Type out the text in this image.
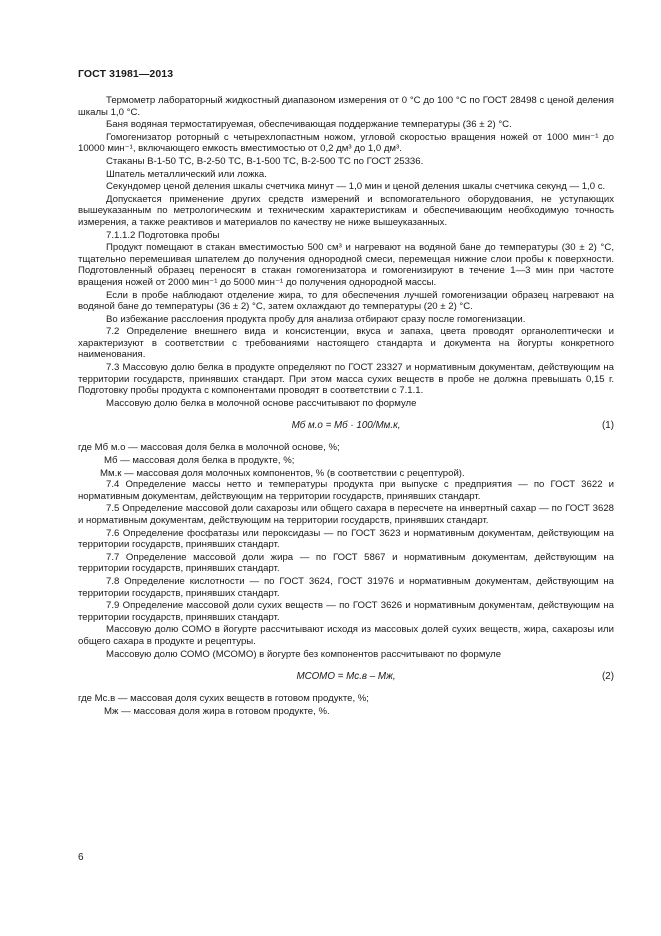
ГОСТ 31981—2013

Термометр лабораторный жидкостный диапазоном измерения от 0 °С до 100 °С по ГОСТ 28498 с ценой деления шкалы 1,0 °С.

Баня водяная термостатируемая, обеспечивающая поддержание температуры (36 ± 2) °С.

Гомогенизатор роторный с четырехлопастным ножом, угловой скоростью вращения ножей от 1000 мин⁻¹ до 10000 мин⁻¹, включающего емкость вместимостью от 0,2 дм³ до 1,0 дм³.

Стаканы В-1-50 ТС, В-2-50 ТС, В-1-500 ТС, В-2-500 ТС по ГОСТ 25336.

Шпатель металлический или ложка.

Секундомер ценой деления шкалы счетчика минут — 1,0 мин и ценой деления шкалы счетчика секунд — 1,0 с.

Допускается применение других средств измерений и вспомогательного оборудования, не уступающих вышеуказанным по метрологическим и техническим характеристикам и обеспечивающим необходимую точность измерения, а также реактивов и материалов по качеству не ниже вышеуказанных.

7.1.1.2 Подготовка пробы

Продукт помещают в стакан вместимостью 500 см³ и нагревают на водяной бане до температуры (30 ± 2) °С, тщательно перемешивая шпателем до получения однородной смеси, перемещая нижние слои пробы к поверхности. Подготовленный образец переносят в стакан гомогенизатора и гомогенизируют в течение 1—3 мин при частоте вращения ножей от 2000 мин⁻¹ до 5000 мин⁻¹ до получения однородной массы.

Если в пробе наблюдают отделение жира, то для обеспечения лучшей гомогенизации образец нагревают на водяной бане до температуры (36 ± 2) °С, затем охлаждают до температуры (20 ± 2) °С.

Во избежание расслоения продукта пробу для анализа отбирают сразу после гомогенизации.

7.2 Определение внешнего вида и консистенции, вкуса и запаха, цвета проводят органолептически и характеризуют в соответствии с требованиями настоящего стандарта и документа на йогурты конкретного наименования.

7.3 Массовую долю белка в продукте определяют по ГОСТ 23327 и нормативным документам, действующим на территории государств, принявших стандарт. При этом масса сухих веществ в пробе не должна превышать 0,15 г. Подготовку пробы продукта с компонентами проводят в соответствии с 7.1.1.

Массовую долю белка в молочной основе рассчитывают по формуле

Mб м.о = Mб · 100/Mм.к,	(1)

где Mб м.о — массовая доля белка в молочной основе, %;

Mб — массовая доля белка в продукте, %;

Mм.к — массовая доля молочных компонентов, % (в соответствии с рецептурой).

7.4 Определение массы нетто и температуры продукта при выпуске с предприятия — по ГОСТ 3622 и нормативным документам, действующим на территории государств, принявших стандарт.

7.5 Определение массовой доли сахарозы или общего сахара в пересчете на инвертный сахар — по ГОСТ 3628 и нормативным документам, действующим на территории государств, принявших стандарт.

7.6 Определение фосфатазы или пероксидазы — по ГОСТ 3623 и нормативным документам, действующим на территории государств, принявших стандарт.

7.7 Определение массовой доли жира — по ГОСТ 5867 и нормативным документам, действующим на территории государств, принявших стандарт.

7.8 Определение кислотности — по ГОСТ 3624, ГОСТ 31976 и нормативным документам, действующим на территории государств, принявших стандарт.

7.9 Определение массовой доли сухих веществ — по ГОСТ 3626 и нормативным документам, действующим на территории государств, принявших стандарт.

Массовую долю СОМО в йогурте рассчитывают исходя из массовых долей сухих веществ, жира, сахарозы или общего сахара в продукте и рецептуры.

Массовую долю СОМО (MСОМО) в йогурте без компонентов рассчитывают по формуле

MСОМО = Mс.в – Mж,	(2)

где Mс.в — массовая доля сухих веществ в готовом продукте, %;

Mж — массовая доля жира в готовом продукте, %.

6
